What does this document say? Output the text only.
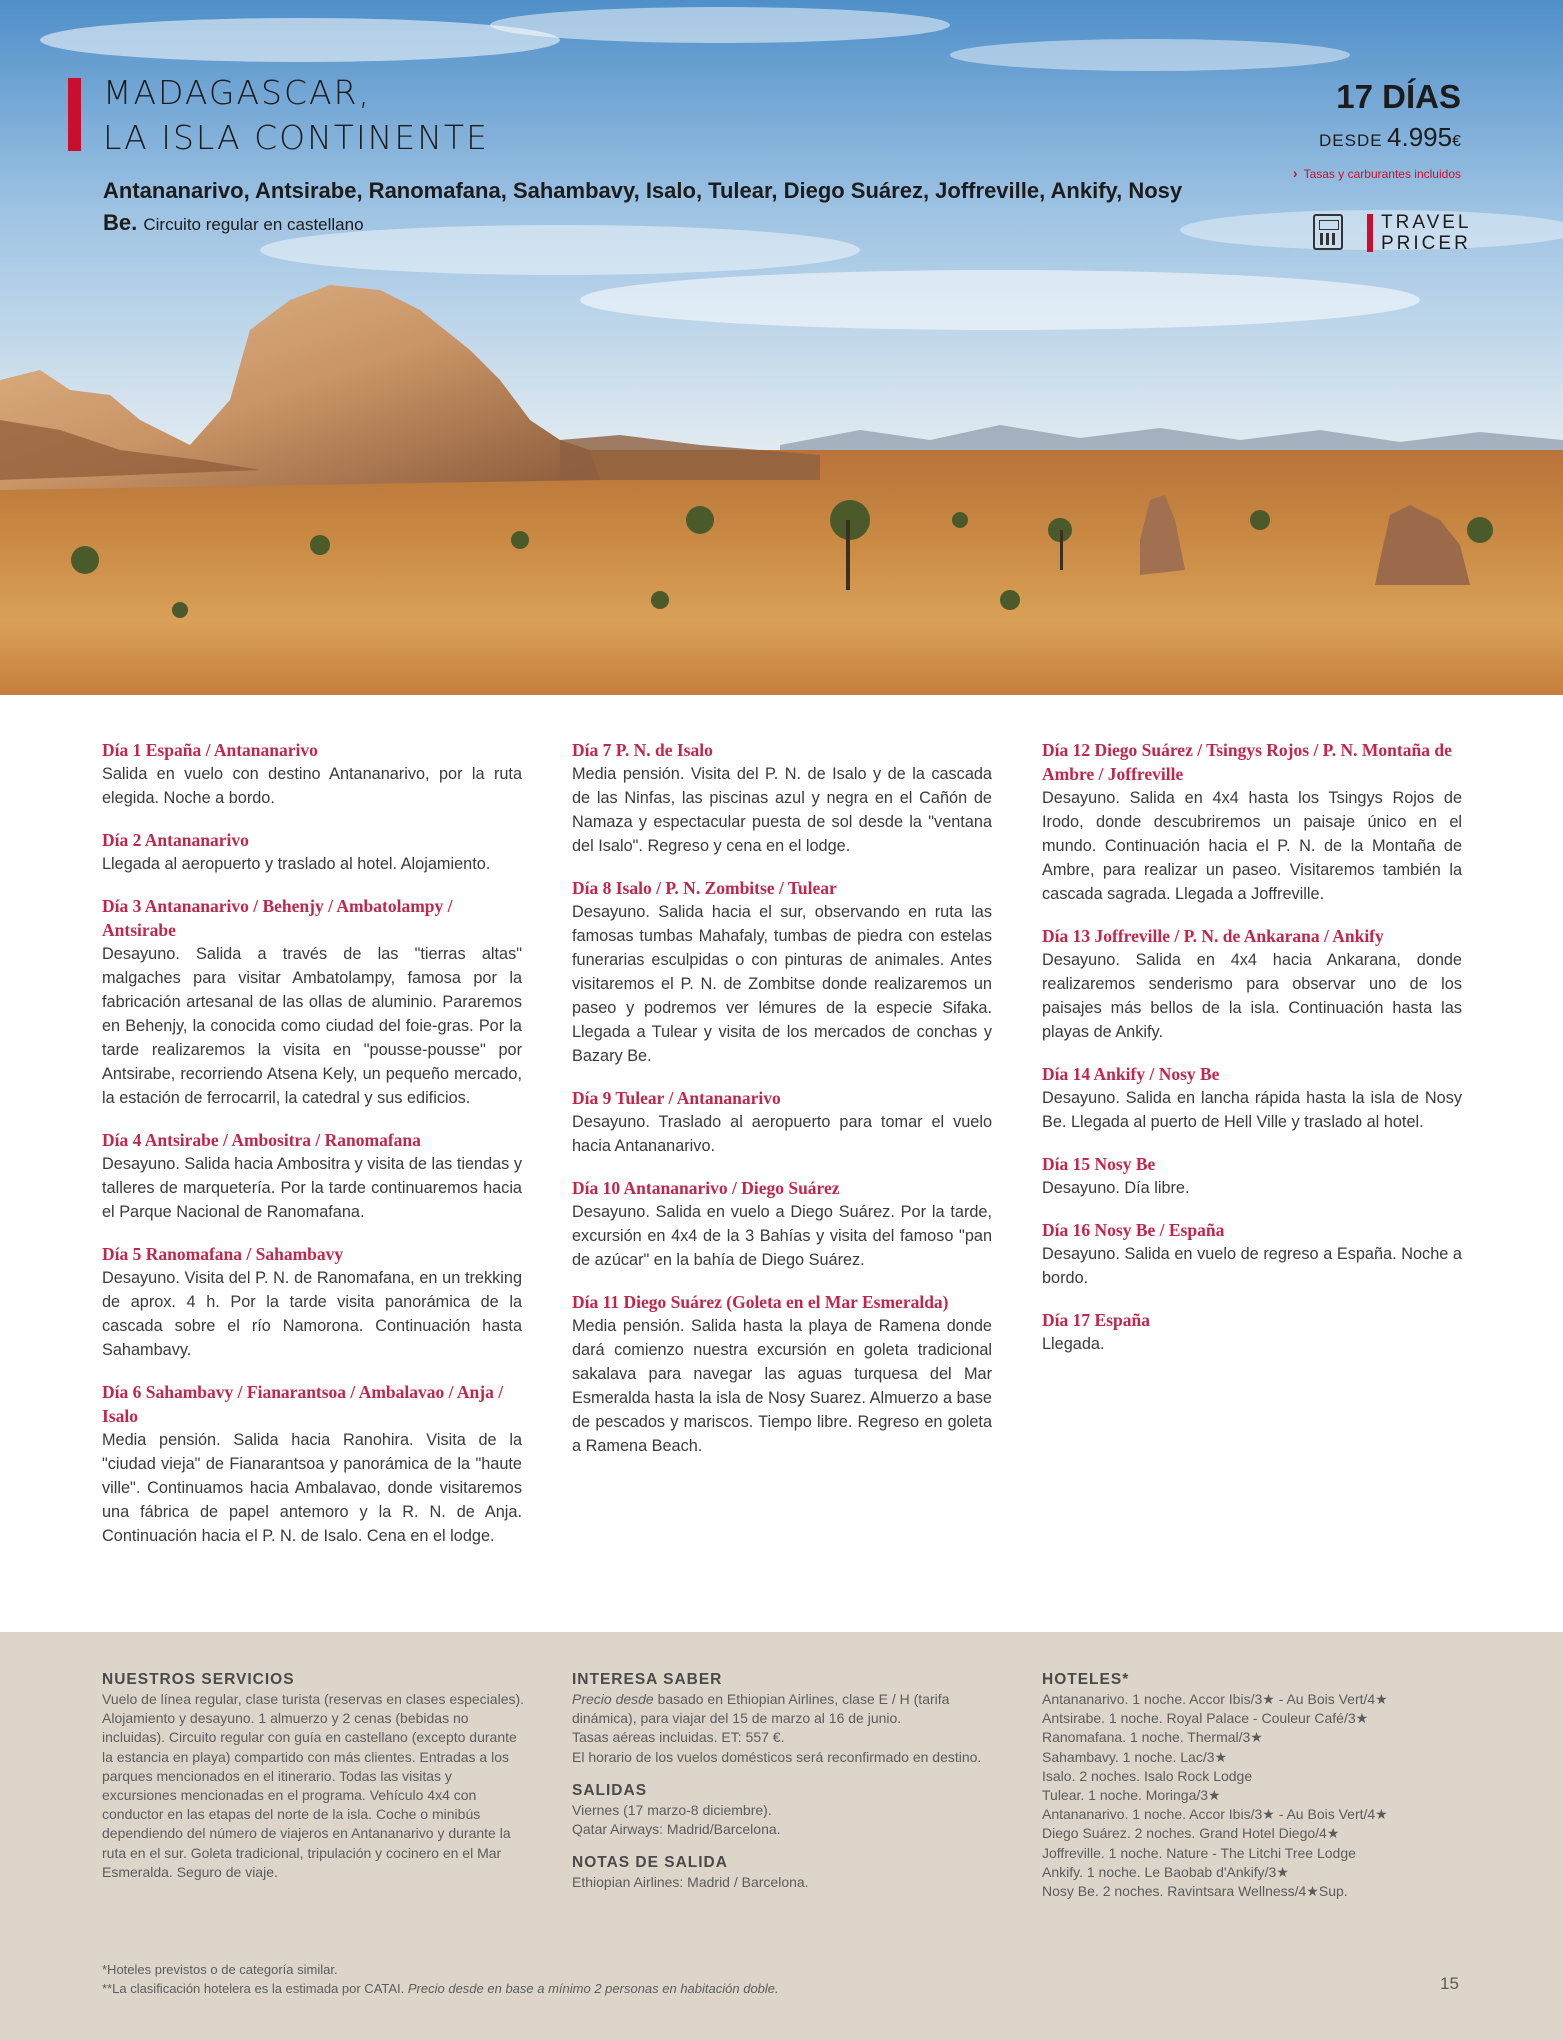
MADAGASCAR,
LA ISLA CONTINENTE

Antananarivo, Antsirabe, Ranomafana, Sahambavy, Isalo, Tulear, Diego Suárez, Joffreville, Ankify, Nosy Be. Circuito regular en castellano

17 DÍAS
DESDE 4.995€
› Tasas y carburantes incluidos
TRAVEL
PRICER

Día 1 España / Antananarivo

Salida en vuelo con destino Antananarivo, por la ruta elegida. Noche a bordo.

Día 2 Antananarivo

Llegada al aeropuerto y traslado al hotel. Alojamiento.

Día 3 Antananarivo / Behenjy / Ambatolampy / Antsirabe

Desayuno. Salida a través de las "tierras altas" malgaches para visitar Ambatolampy, famosa por la fabricación artesanal de las ollas de aluminio. Pararemos en Behenjy, la conocida como ciudad del foie-gras. Por la tarde realizaremos la visita en "pousse-pousse" por Antsirabe, recorriendo Atsena Kely, un pequeño mercado, la estación de ferrocarril, la catedral y sus edificios.

Día 4 Antsirabe / Ambositra / Ranomafana

Desayuno. Salida hacia Ambositra y visita de las tiendas y talleres de marquetería. Por la tarde continuaremos hacia el Parque Nacional de Ranomafana.

Día 5 Ranomafana / Sahambavy

Desayuno. Visita del P. N. de Ranomafana, en un trekking de aprox. 4 h. Por la tarde visita panorámica de la cascada sobre el río Namorona. Continuación hasta Sahambavy.

Día 6 Sahambavy / Fianarantsoa / Ambalavao / Anja / Isalo

Media pensión. Salida hacia Ranohira. Visita de la "ciudad vieja" de Fianarantsoa y panorámica de la "haute ville". Continuamos hacia Ambalavao, donde visitaremos una fábrica de papel antemoro y la R. N. de Anja. Continuación hacia el P. N. de Isalo. Cena en el lodge.

Día 7 P. N. de Isalo

Media pensión. Visita del P. N. de Isalo y de la cascada de las Ninfas, las piscinas azul y negra en el Cañón de Namaza y espectacular puesta de sol desde la "ventana del Isalo". Regreso y cena en el lodge.

Día 8 Isalo / P. N. Zombitse / Tulear

Desayuno. Salida hacia el sur, observando en ruta las famosas tumbas Mahafaly, tumbas de piedra con estelas funerarias esculpidas o con pinturas de animales. Antes visitaremos el P. N. de Zombitse donde realizaremos un paseo y podremos ver lémures de la especie Sifaka. Llegada a Tulear y visita de los mercados de conchas y Bazary Be.

Día 9 Tulear / Antananarivo

Desayuno. Traslado al aeropuerto para tomar el vuelo hacia Antananarivo.

Día 10 Antananarivo / Diego Suárez

Desayuno. Salida en vuelo a Diego Suárez. Por la tarde, excursión en 4x4 de la 3 Bahías y visita del famoso "pan de azúcar" en la bahía de Diego Suárez.

Día 11 Diego Suárez (Goleta en el Mar Esmeralda)

Media pensión. Salida hasta la playa de Ramena donde dará comienzo nuestra excursión en goleta tradicional sakalava para navegar las aguas turquesa del Mar Esmeralda hasta la isla de Nosy Suarez. Almuerzo a base de pescados y mariscos. Tiempo libre. Regreso en goleta a Ramena Beach.

Día 12 Diego Suárez / Tsingys Rojos / P. N. Montaña de Ambre / Joffreville

Desayuno. Salida en 4x4 hasta los Tsingys Rojos de Irodo, donde descubriremos un paisaje único en el mundo. Continuación hacia el P. N. de la Montaña de Ambre, para realizar un paseo. Visitaremos también la cascada sagrada. Llegada a Joffreville.

Día 13 Joffreville / P. N. de Ankarana / Ankify

Desayuno. Salida en 4x4 hacia Ankarana, donde realizaremos senderismo para observar uno de los paisajes más bellos de la isla. Continuación hasta las playas de Ankify.

Día 14 Ankify / Nosy Be

Desayuno. Salida en lancha rápida hasta la isla de Nosy Be. Llegada al puerto de Hell Ville y traslado al hotel.

Día 15 Nosy Be

Desayuno. Día libre.

Día 16 Nosy Be / España

Desayuno. Salida en vuelo de regreso a España. Noche a bordo.

Día 17 España

Llegada.

NUESTROS SERVICIOS

Vuelo de línea regular, clase turista (reservas en clases especiales). Alojamiento y desayuno. 1 almuerzo y 2 cenas (bebidas no incluidas). Circuito regular con guía en castellano (excepto durante la estancia en playa) compartido con más clientes. Entradas a los parques mencionados en el itinerario. Todas las visitas y excursiones mencionadas en el programa. Vehículo 4x4 con conductor en las etapas del norte de la isla. Coche o minibús dependiendo del número de viajeros en Antananarivo y durante la ruta en el sur. Goleta tradicional, tripulación y cocinero en el Mar Esmeralda. Seguro de viaje.

INTERESA SABER

Precio desde basado en Ethiopian Airlines, clase E / H (tarifa dinámica), para viajar del 15 de marzo al 16 de junio.
Tasas aéreas incluidas. ET: 557 €.
El horario de los vuelos domésticos será reconfirmado en destino.

SALIDAS

Viernes (17 marzo-8 diciembre).
Qatar Airways: Madrid/Barcelona.

NOTAS DE SALIDA

Ethiopian Airlines: Madrid / Barcelona.

HOTELES*

Antananarivo. 1 noche. Accor Ibis/3★ - Au Bois Vert/4★
Antsirabe. 1 noche. Royal Palace - Couleur Café/3★
Ranomafana. 1 noche. Thermal/3★
Sahambavy. 1 noche. Lac/3★
Isalo. 2 noches. Isalo Rock Lodge
Tulear. 1 noche. Moringa/3★
Antananarivo. 1 noche. Accor Ibis/3★ - Au Bois Vert/4★
Diego Suárez. 2 noches. Grand Hotel Diego/4★
Joffreville. 1 noche. Nature - The Litchi Tree Lodge
Ankify. 1 noche. Le Baobab d'Ankify/3★
Nosy Be. 2 noches. Ravintsara Wellness/4★Sup.
*Hoteles previstos o de categoría similar.
**La clasificación hotelera es la estimada por CATAI. Precio desde en base a mínimo 2 personas en habitación doble.	15
